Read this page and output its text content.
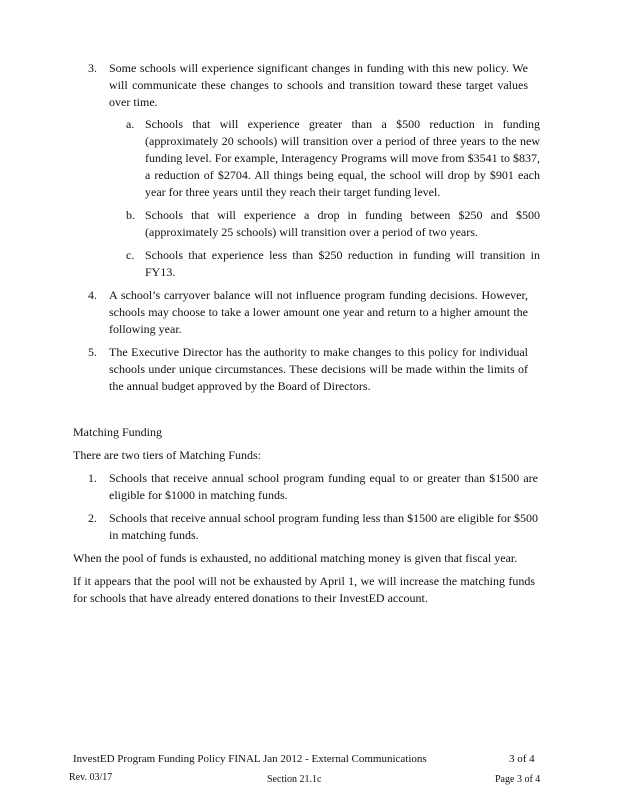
3. Some schools will experience significant changes in funding with this new policy. We will communicate these changes to schools and transition toward these target values over time.
a. Schools that will experience greater than a $500 reduction in funding (approximately 20 schools) will transition over a period of three years to the new funding level. For example, Interagency Programs will move from $3541 to $837, a reduction of $2704. All things being equal, the school will drop by $901 each year for three years until they reach their target funding level.
b. Schools that will experience a drop in funding between $250 and $500 (approximately 25 schools) will transition over a period of two years.
c. Schools that experience less than $250 reduction in funding will transition in FY13.
4. A school’s carryover balance will not influence program funding decisions. However, schools may choose to take a lower amount one year and return to a higher amount the following year.
5. The Executive Director has the authority to make changes to this policy for individual schools under unique circumstances. These decisions will be made within the limits of the annual budget approved by the Board of Directors.

Matching Funding

There are two tiers of Matching Funds:

1. Schools that receive annual school program funding equal to or greater than $1500 are eligible for $1000 in matching funds.
2. Schools that receive annual school program funding less than $1500 are eligible for $500 in matching funds.

When the pool of funds is exhausted, no additional matching money is given that fiscal year.

If it appears that the pool will not be exhausted by April 1, we will increase the matching funds for schools that have already entered donations to their InvestED account.

InvestED Program Funding Policy FINAL Jan 2012 - External Communications	3 of 4

Rev. 03/17	Section 21.1c	Page 3 of 4
